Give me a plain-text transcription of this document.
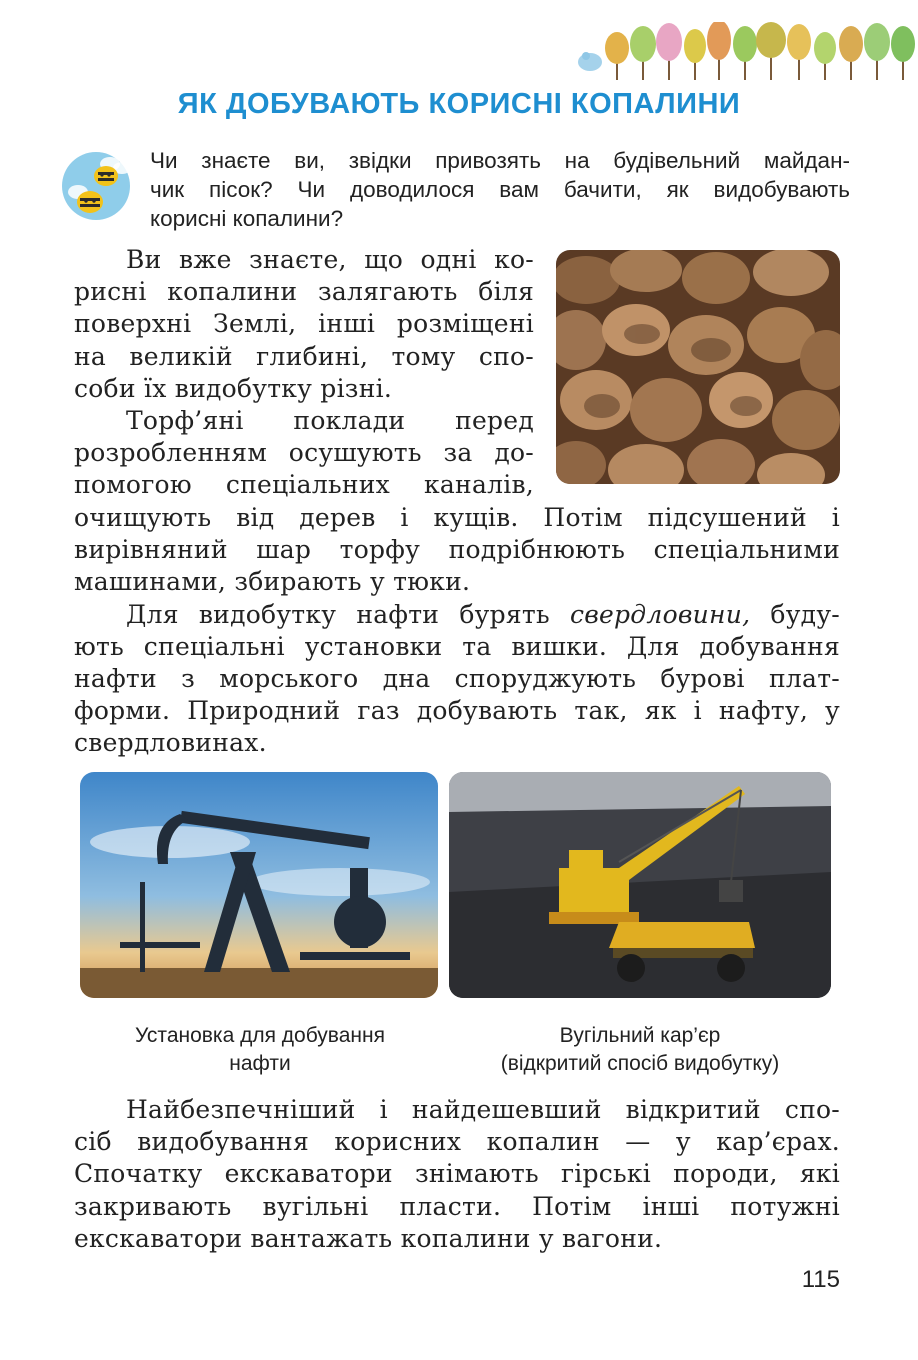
ЯК ДОБУВАЮТЬ КОРИСНІ КОПАЛИНИ
Чи знаєте ви, звідки привозять на будівельний майдан-
чик пісок? Чи доводилося вам бачити, як видобувають
корисні копалини?
Ви вже знаєте, що одні ко-
рисні копалини залягають біля
поверхні Землі, інші розміщені
на великій глибині, тому спо-
соби їх видобутку різні.
Торф’яні поклади перед
розробленням осушують за до-
помогою спеціальних каналів,
очищують від дерев і кущів. Потім підсушений і
вирівняний шар торфу подрібнюють спеціальними
машинами, збирають у тюки.
Для видобутку нафти бурять свердловини, буду-
ють спеціальні установки та вишки. Для добування
нафти з морського дна споруджують бурові плат-
форми. Природний газ добувають так, як і нафту, у
свердловинах.
Установка для добування
нафти
Вугільний кар’єр
(відкритий спосіб видобутку)
Найбезпечніший і найдешевший відкритий спо-
сіб видобування корисних копалин — у кар’єрах.
Спочатку екскаватори знімають гірські породи, які
закривають вугільні пласти. Потім інші потужні
екскаватори вантажать копалини у вагони.
115
